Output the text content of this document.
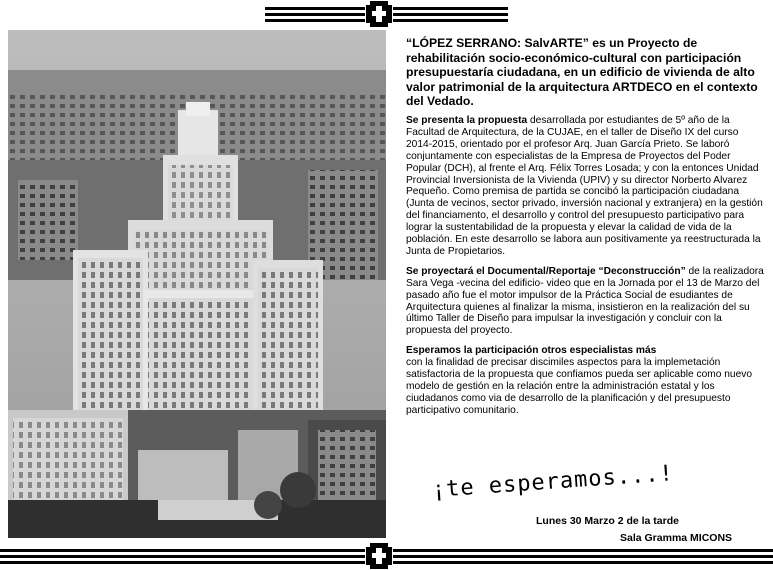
“LÓPEZ SERRANO: SalvARTE” es un Proyecto de rehabilitación socio-económico-cultural con participación presupuestaría ciudadana, en un edificio de vivienda de alto valor patrimonial de la arquitectura ARTDECO en el contexto del Vedado.

Se presenta la propuesta desarrollada por estudiantes de 5º año de la Facultad de Arquitectura, de la CUJAE, en el taller de Diseño IX del curso 2014-2015, orientado por el profesor Arq. Juan García Prieto. Se laboró conjuntamente con especialistas de la Empresa de Proyectos del Poder Popular (DCH), al frente el Arq. Félix Torres Losada; y con la entonces Unidad Provincial Inversionista de la Vivienda (UPIV) y su director Norberto Alvarez Pequeño. Como premisa de partida se concibó la participación ciudadana (Junta de vecinos, sector privado, inversión nacional y extranjera) en la gestión del financiamento, el desarrollo y control del presupuesto participativo para lograr la sustentabilidad de la propuesta y elevar la calidad de vida de la población. En este desarrollo se labora aun positivamente ya reestructurada la Junta de Propietarios.

Se proyectará el Documental/Reportaje “Deconstrucción” de la realizadora Sara Vega -vecina del edificio- video que en la Jornada por el 13 de Marzo del pasado año fue el motor impulsor de la Práctica Social de esudiantes de Arquitectura quienes al finalizar la misma, insistieron en la realización del su último Taller de Diseño para impulsar la investigación y concluir con la propuesta del proyecto.

Esperamos la participación otros especialistas más

con la finalidad de precisar discimiles aspectos para la implemetación satisfactoria de la propuesta que confiamos pueda ser aplicable como nuevo modelo de gestión en la relación entre la administración estatal y los ciudadanos como via de desarrollo de la planificación y del presupuesto participativo comunitario.

¡te esperamos...!
Lunes 30 Marzo 2 de la tarde
Sala Gramma MICONS
